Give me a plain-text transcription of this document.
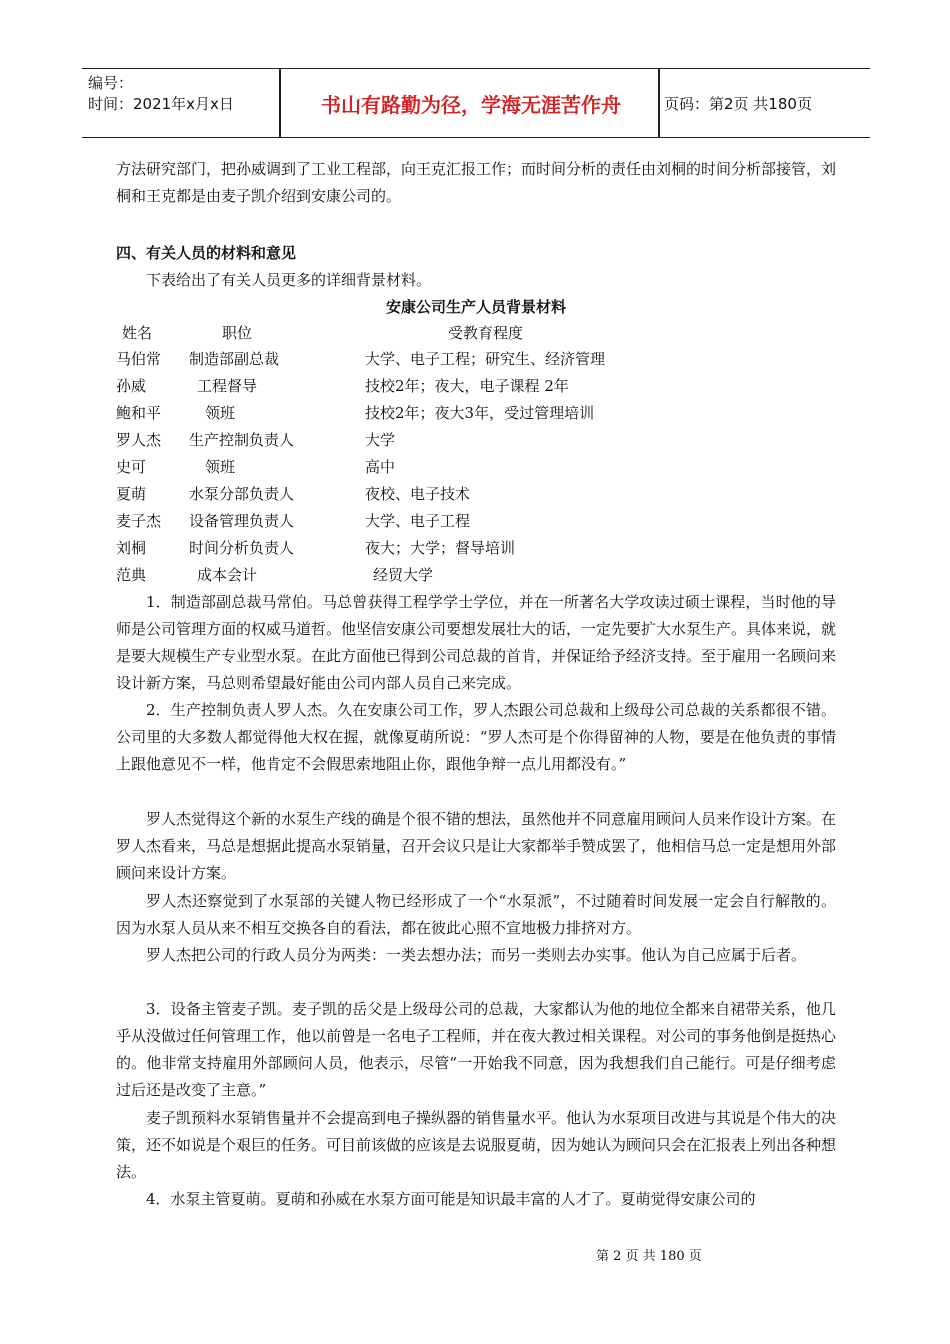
编号：
时间：2021年x月x日	书山有路勤为径，学海无涯苦作舟	页码：第2页 共180页
方法研究部门，把孙威调到了工业工程部，向王克汇报工作；而时间分析的责任由刘桐的时间分析部接管，刘桐和王克都是由麦子凯介绍到安康公司的。
四、有关人员的材料和意见
下表给出了有关人员更多的详细背景材料。
安康公司生产人员背景材料
姓名	职位	受教育程度
马伯常 制造部副总裁	大学、电子工程；研究生、经济管理
孙威	工程督导	技校2年；夜大，电子课程 2年
鲍和平	领班	技校2年；夜大3年，受过管理培训
罗人杰 生产控制负责人	大学
史可	领班	高中
夏萌	水泵分部负责人	夜校、电子技术
麦子杰 设备管理负责人	大学、电子工程
刘桐	时间分析负责人	夜大；大学；督导培训
范典	成本会计	经贸大学
1．制造部副总裁马常伯。马总曾获得工程学学士学位，并在一所著名大学攻读过硕士课程，当时他的导师是公司管理方面的权威马道哲。他坚信安康公司要想发展壮大的话，一定先要扩大水泵生产。具体来说，就是要大规模生产专业型水泵。在此方面他已得到公司总裁的首肯，并保证给予经济支持。至于雇用一名顾问来设计新方案，马总则希望最好能由公司内部人员自己来完成。
2．生产控制负责人罗人杰。久在安康公司工作，罗人杰跟公司总裁和上级母公司总裁的关系都很不错。公司里的大多数人都觉得他大权在握，就像夏萌所说：“罗人杰可是个你得留神的人物，要是在他负责的事情上跟他意见不一样，他肯定不会假思索地阻止你，跟他争辩一点儿用都没有。”
罗人杰觉得这个新的水泵生产线的确是个很不错的想法，虽然他并不同意雇用顾问人员来作设计方案。在罗人杰看来，马总是想据此提高水泵销量，召开会议只是让大家都举手赞成罢了，他相信马总一定是想用外部顾问来设计方案。
罗人杰还察觉到了水泵部的关键人物已经形成了一个“水泵派”，不过随着时间发展一定会自行解散的。因为水泵人员从来不相互交换各自的看法，都在彼此心照不宣地极力排挤对方。
罗人杰把公司的行政人员分为两类：一类去想办法；而另一类则去办实事。他认为自己应属于后者。
3．设备主管麦子凯。麦子凯的岳父是上级母公司的总裁，大家都认为他的地位全都来自裙带关系，他几乎从没做过任何管理工作，他以前曾是一名电子工程师，并在夜大教过相关课程。对公司的事务他倒是挺热心的。他非常支持雇用外部顾问人员，他表示，尽管“一开始我不同意，因为我想我们自己能行。可是仔细考虑过后还是改变了主意。”
麦子凯预料水泵销售量并不会提高到电子操纵器的销售量水平。他认为水泵项目改进与其说是个伟大的决策，还不如说是个艰巨的任务。可目前该做的应该是去说服夏萌，因为她认为顾问只会在汇报表上列出各种想法。
4．水泵主管夏萌。夏萌和孙威在水泵方面可能是知识最丰富的人才了。夏萌觉得安康公司的
第 2 页 共 180 页
